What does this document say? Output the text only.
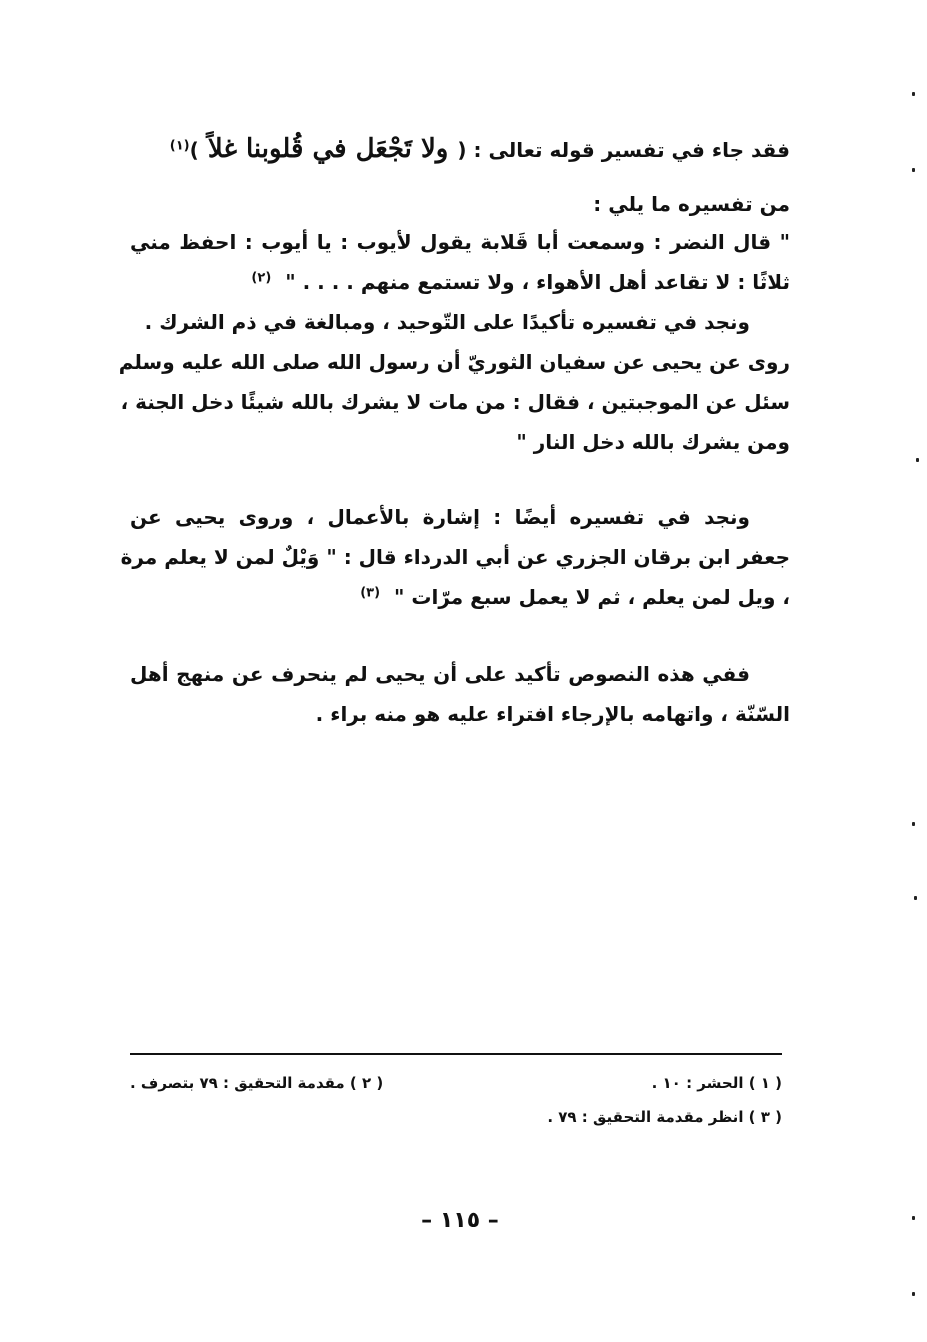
فقد جاء في تفسير قوله تعالى : ( ولا تَجْعَل في قُلوبنا غلاً )$^{(١)}$
من تفسيره ما يلي :
" قال النضر : وسمعت أبا قَلابة يقول لأيوب : يا أيوب : احفظ مني
ثلاثًا : لا تقاعد أهل الأهواء ، ولا تستمع منهم . . . . "  $^{(٢)}$
ونجد في تفسيره تأكيدًا على التّوحيد ، ومبالغة في ذم الشرك .
روى عن يحيى عن سفيان الثوريّ أن رسول الله صلى الله عليه وسلم
سئل عن الموجبتين ، فقال : من مات لا يشرك بالله شيئًا دخل الجنة ،
ومن يشرك بالله دخل النار "
ونجد في تفسيره أيضًا : إشارة بالأعمال ، وروى يحيى عن
جعفر ابن برقان الجزري عن أبي الدرداء قال : " وَيْلٌ لمن لا يعلم مرة
، ويل لمن يعلم ، ثم لا يعمل سبع مرّات "  $^{(٣)}$
ففي هذه النصوص تأكيد على أن يحيى لم ينحرف عن منهج أهل
السّنّة ، واتهامه بالإرجاء افتراء عليه هو منه براء .
( ١ ) الحشر : ١٠ .
( ٢ ) مقدمة التحقيق : ٧٩ بتصرف .
( ٣ ) انظر مقدمة التحقيق : ٧٩ .
– ١١٥ –
